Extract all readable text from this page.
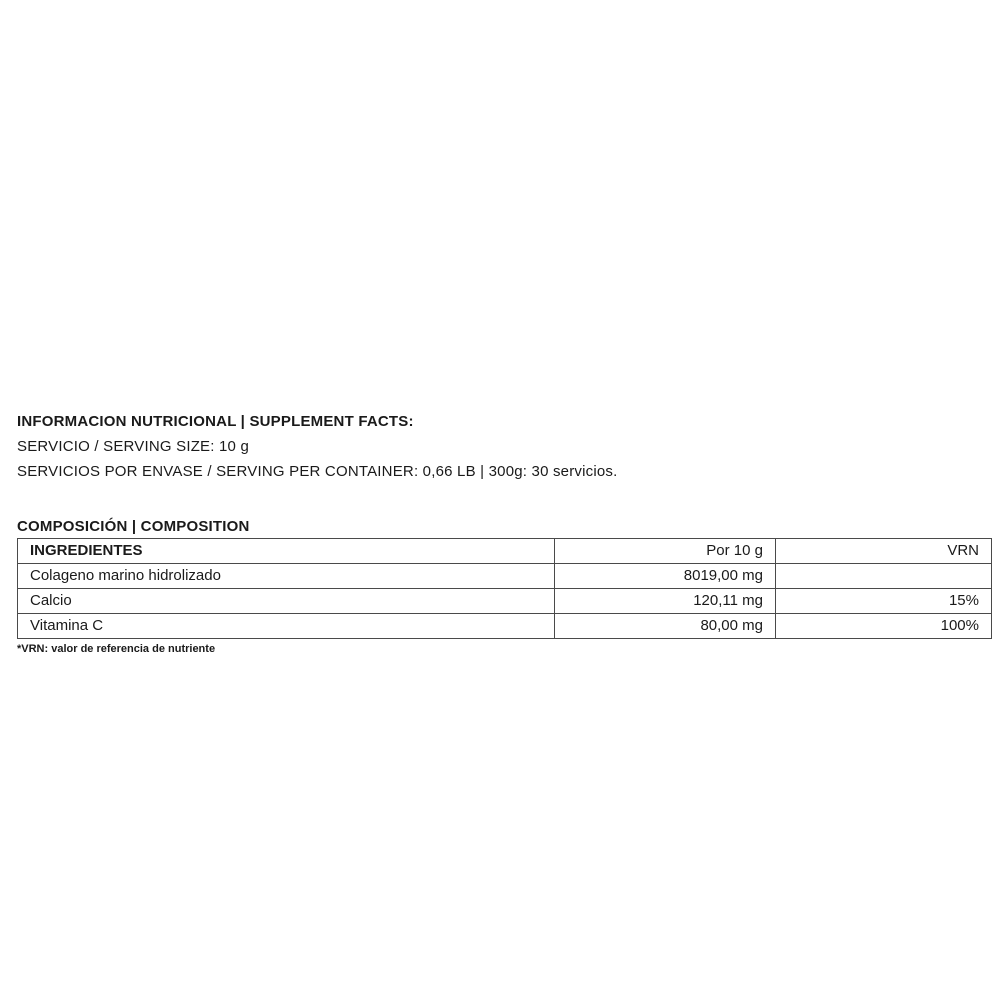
INFORMACION NUTRICIONAL | SUPPLEMENT FACTS:

SERVICIO / SERVING SIZE: 10 g

SERVICIOS POR ENVASE / SERVING PER CONTAINER: 0,66 LB | 300g: 30 servicios.

COMPOSICIÓN | COMPOSITION

INGREDIENTES	Por 10 g	VRN
Colageno marino hidrolizado	8019,00 mg	
Calcio	120,11 mg	15%
Vitamina C	80,00 mg	100%

*VRN: valor de referencia de nutriente
